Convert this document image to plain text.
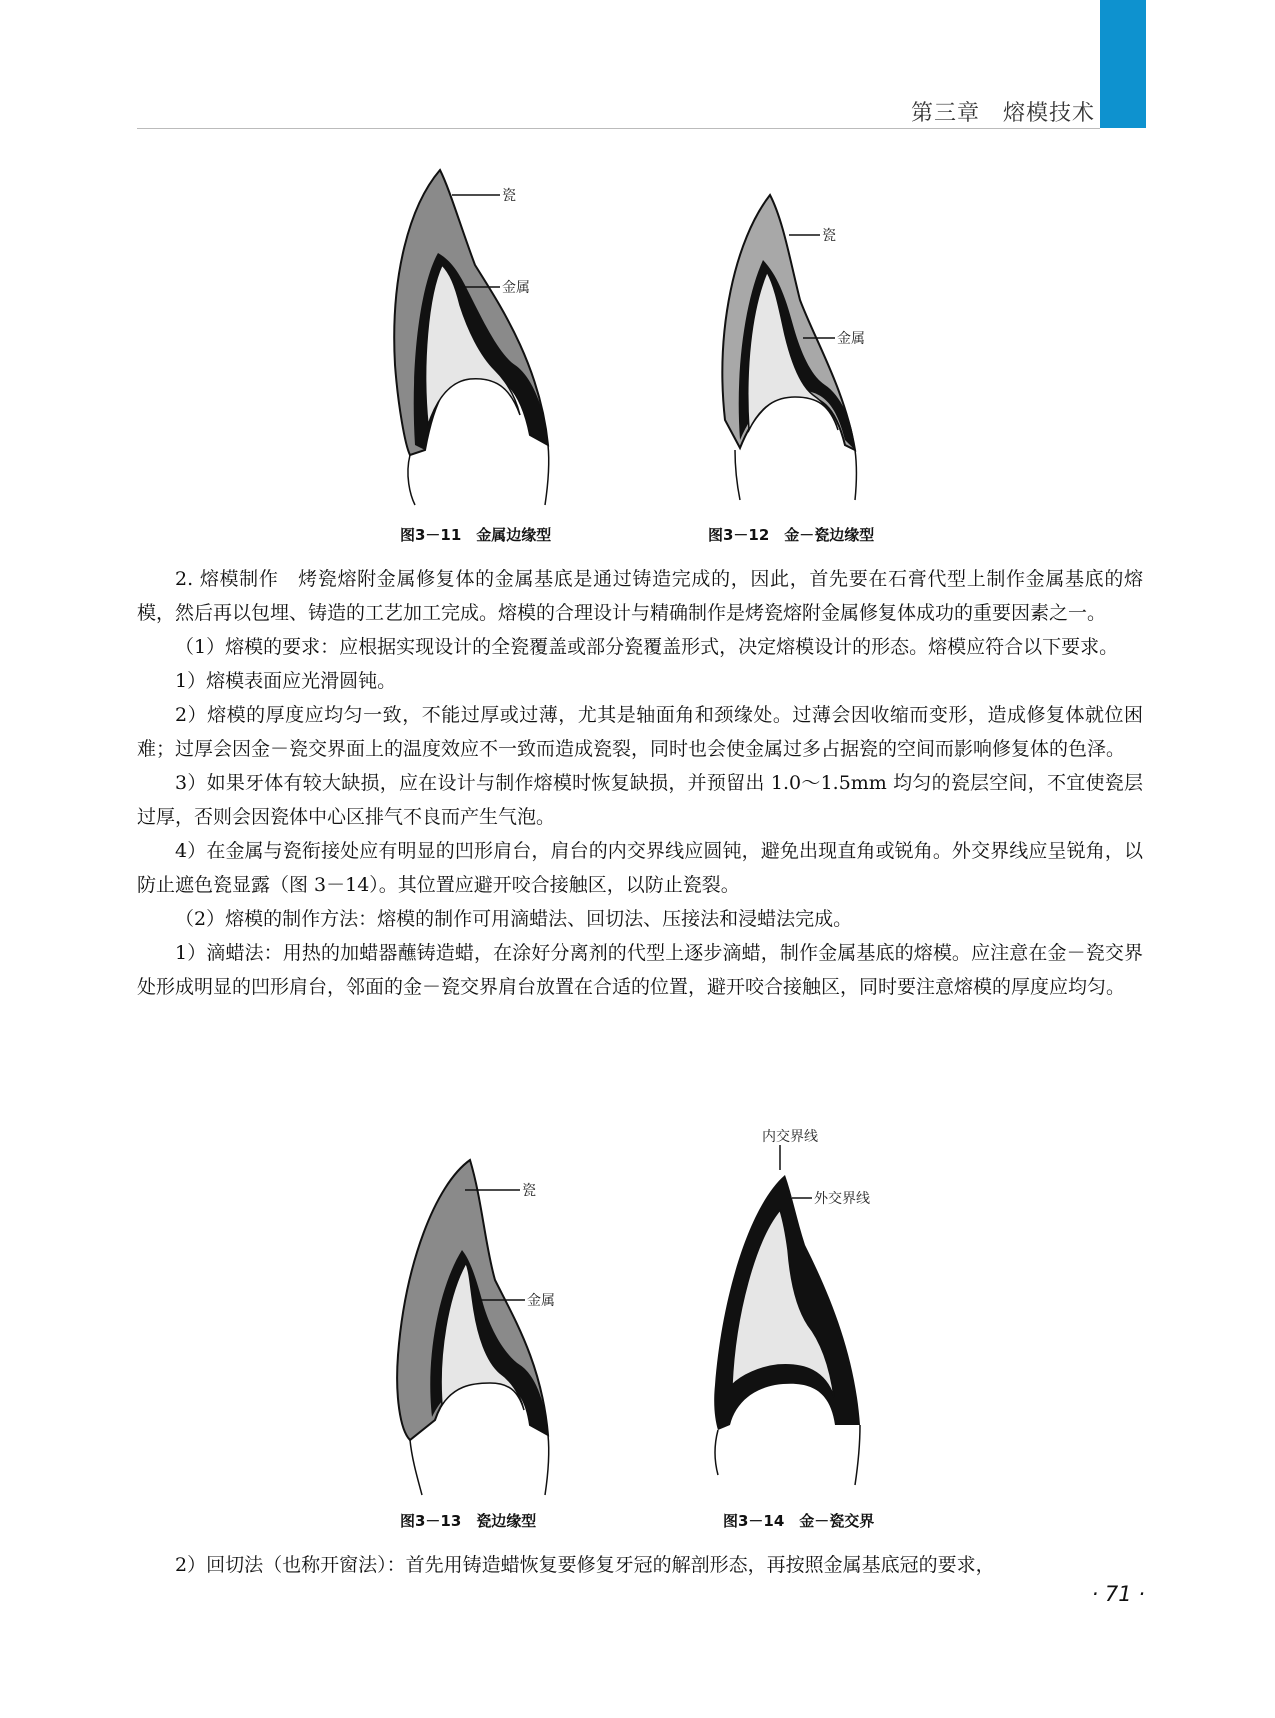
第三章　熔模技术
瓷
金属
图3－11　金属边缘型
瓷
金属
图3－12　金－瓷边缘型

2. 熔模制作　烤瓷熔附金属修复体的金属基底是通过铸造完成的，因此，首先要在石膏代型上制作金属基底的熔模，然后再以包埋、铸造的工艺加工完成。熔模的合理设计与精确制作是烤瓷熔附金属修复体成功的重要因素之一。

（1）熔模的要求：应根据实现设计的全瓷覆盖或部分瓷覆盖形式，决定熔模设计的形态。熔模应符合以下要求。

1）熔模表面应光滑圆钝。

2）熔模的厚度应均匀一致，不能过厚或过薄，尤其是轴面角和颈缘处。过薄会因收缩而变形，造成修复体就位困难；过厚会因金－瓷交界面上的温度效应不一致而造成瓷裂，同时也会使金属过多占据瓷的空间而影响修复体的色泽。

3）如果牙体有较大缺损，应在设计与制作熔模时恢复缺损，并预留出 1.0～1.5mm 均匀的瓷层空间，不宜使瓷层过厚，否则会因瓷体中心区排气不良而产生气泡。

4）在金属与瓷衔接处应有明显的凹形肩台，肩台的内交界线应圆钝，避免出现直角或锐角。外交界线应呈锐角，以防止遮色瓷显露（图 3－14）。其位置应避开咬合接触区，以防止瓷裂。

（2）熔模的制作方法：熔模的制作可用滴蜡法、回切法、压接法和浸蜡法完成。

1）滴蜡法：用热的加蜡器蘸铸造蜡，在涂好分离剂的代型上逐步滴蜡，制作金属基底的熔模。应注意在金－瓷交界处形成明显的凹形肩台，邻面的金－瓷交界肩台放置在合适的位置，避开咬合接触区，同时要注意熔模的厚度应均匀。

瓷
金属
图3－13　瓷边缘型
内交界线
外交界线
图3－14　金－瓷交界

2）回切法（也称开窗法）：首先用铸造蜡恢复要修复牙冠的解剖形态，再按照金属基底冠的要求，

· 71 ·
